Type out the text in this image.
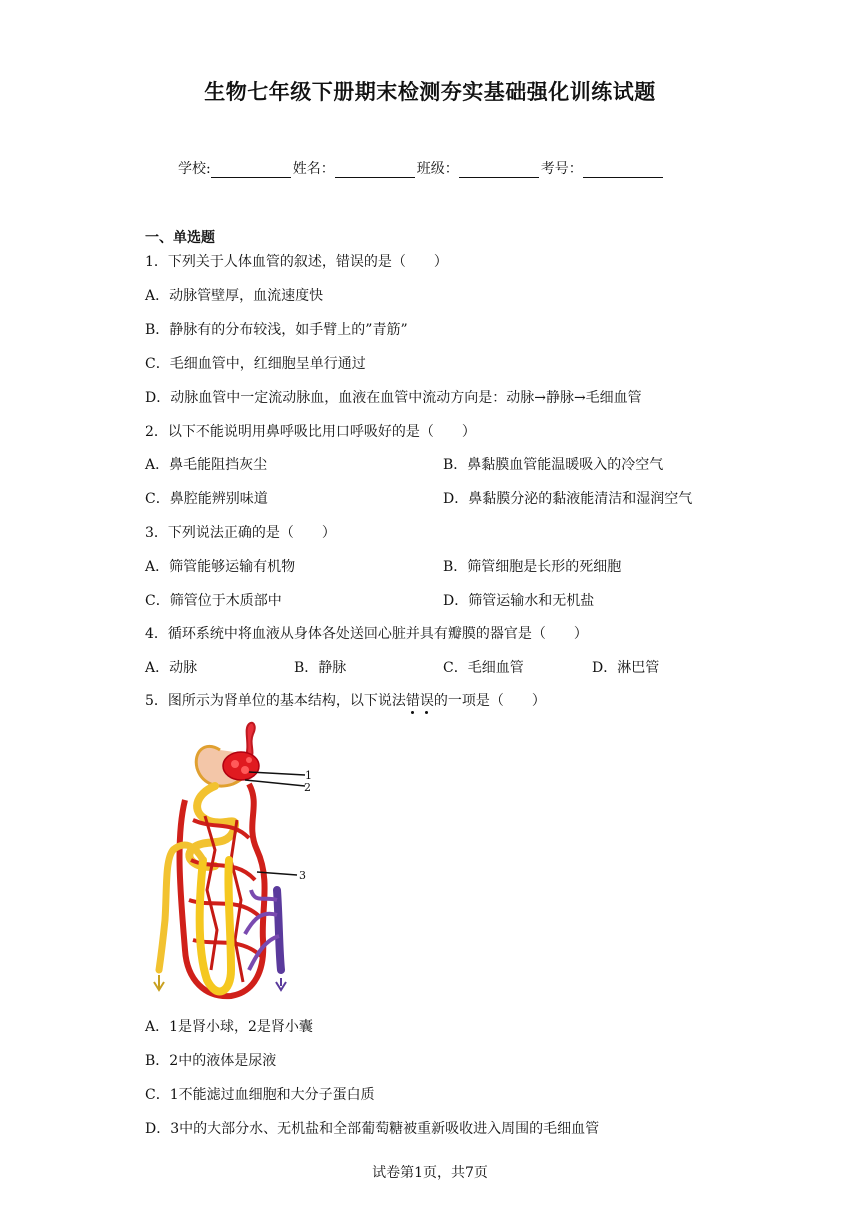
生物七年级下册期末检测夯实基础强化训练试题
学校:	姓名：	班级：	考号：
一、单选题
1．下列关于人体血管的叙述，错误的是（　　）
A．动脉管壁厚，血流速度快
B．静脉有的分布较浅，如手臂上的”青筋”
C．毛细血管中，红细胞呈单行通过
D．动脉血管中一定流动脉血，血液在血管中流动方向是：动脉→静脉→毛细血管
2．以下不能说明用鼻呼吸比用口呼吸好的是（　　）
A．鼻毛能阻挡灰尘	B．鼻黏膜血管能温暖吸入的冷空气
C．鼻腔能辨别味道	D．鼻黏膜分泌的黏液能清洁和湿润空气
3．下列说法正确的是（　　）
A．筛管能够运输有机物	B．筛管细胞是长形的死细胞
C．筛管位于木质部中	D．筛管运输水和无机盐
4．循环系统中将血液从身体各处送回心脏并具有瓣膜的器官是（　　）
A．动脉	B．静脉	C．毛细血管	D．淋巴管
5．图所示为肾单位的基本结构，以下说法错误的一项是（　　）
1
2
3
A．1是肾小球，2是肾小囊
B．2中的液体是尿液
C．1不能滤过血细胞和大分子蛋白质
D．3中的大部分水、无机盐和全部葡萄糖被重新吸收进入周围的毛细血管
试卷第1页，共7页
